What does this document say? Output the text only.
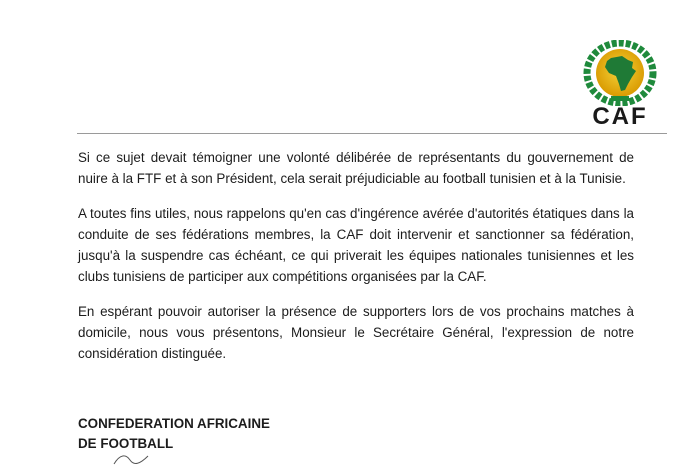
CAF

Si ce sujet devait témoigner une volonté délibérée de représentants du gouvernement de nuire à la FTF et à son Président, cela serait préjudiciable au football tunisien et à la Tunisie.

A toutes fins utiles, nous rappelons qu'en cas d'ingérence avérée d'autorités étatiques dans la conduite de ses fédérations membres, la CAF doit intervenir et sanctionner sa fédération, jusqu'à la suspendre cas échéant, ce qui priverait les équipes nationales tunisiennes et les clubs tunisiens de participer aux compétitions organisées par la CAF.

En espérant pouvoir autoriser la présence de supporters lors de vos prochains matches à domicile, nous vous présentons, Monsieur le Secrétaire Général, l'expression de notre considération distinguée.

CONFEDERATION AFRICAINE
DE FOOTBALL
